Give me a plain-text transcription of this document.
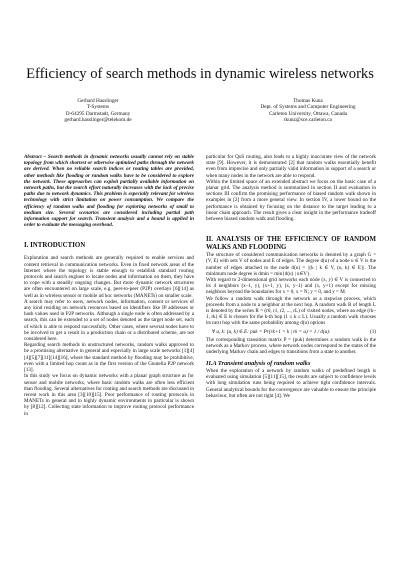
Efficiency of search methods in dynamic wireless networks
Gerhard Hasslinger
T-Systems
D-64295 Darmstadt, Germany
gerhard.hasslinger@telekom.de
Thomas Kunz
Dept. of Systems and Computer Engineering
Carleton University, Ottawa, Canada
tkunz@sce.carleton.ca

Abstract – Search methods in dynamic networks usually cannot rely on stable topology from which shortest or otherwise optimized paths through the network are derived. When no reliable search indices or routing tables are provided, other methods like flooding or random walks have to be considered to explore the network. These approaches can exploit partially available information on network paths, but the search effort naturally increases with the lack of precise paths due to network dynamics. This problem is especially relevant for wireless technology with strict limitation on power consumption. We compare the efficiency of random walks and flooding for exploring networks of small to medium size. Several scenarios are considered including partial path information support for search. Transient analysis and a bound is applied in order to evaluate the messaging overhead.

I. INTRODUCTION

Exploration and search methods are generally required to enable services and content retrieval in communication networks. Even in fixed network areas of the Internet where the topology is stable enough to establish standard routing protocols and search engines to locate nodes and information on them, they have to cope with a steadily ongoing changes. But more dynamic network structures are often encountered on large scale, e.g. peer-to-peer (P2P) overlays [6][14] as well as in wireless sensor or mobile ad hoc networks (MANETs) on smaller scale.

A search may refer to users, network nodes, information, content or services of any kind residing on network resources based on identifiers like IP addresses or hash values used in P2P networks. Although a single node is often addressed by a search, this can be extended to a set of nodes denoted as the target node set, each of which is able to respond successfully. Other cases, where several nodes have to be involved to get a result in a production chain or a distributed scheme, are not considered here.

Regarding search methods in unstructured networks, random walks approved to be a promising alternative in general and especially in large scale networks [1][4][4][5][7][11][14][16], where the standard method by flooding may be prohibitive, even with a limited hop count as in the first version of the Gnutella P2P network [13].

In this study we focus on dynamic networks with a planar graph structure as for sensor and mobile networks, where basic random walks are often less efficient than flooding. Several alternatives for routing and search methods are discussed in recent work in this area [3][10][15]. Poor performance of routing protocols in MANETs in general and in highly dynamic environments in particular is shown by [8][12]. Collecting state information to improve routing protocol performance in

particular for QoS routing, also leads to a highly inaccurate view of the network state [9]. However, it is demonstrated [2] that random walks essentially benefit even from imprecise and only partially valid information in support of a search or when many nodes in the network are able to respond.

Within the limited space of an extended abstract we focus on the basic case of a planar grid. The analysis method is summarized in section II and evaluation in sections III confirm the promising performance of biased random walk shown in examples in [2] from a more general view. In section IV, a lower bound on the performance is obtained by focusing on the distance to the target leading to a linear chain approach. The result gives a clear insight in the performance tradeoff between biased random walk and flooding.

II. ANALYSIS OF THE EFFICIENCY OF RANDOM WALKS AND FLOODING

The structure of considered communication networks is denoted by a graph G = (V, E) with sets V of nodes and E of edges. The degree d(u) of a node u ∈ V is the number of edges attached to the node d(u) = |{k | k ∈ V, (u, k) ∈ E}|. The minimum node degree is dmin = min{d(u) | u∈V}.

With regard to 2-dimensional grid networks each node (x, y) ∈ V is connected to its 4 neighbors (x–1, y), (x+1, y), (x, y–1) and (x, y+1) except for missing neighbors beyond the boundaries for x = 0, x = N; y = 0, and y = M.

We follow a random walk through the network as a stepwise process, which proceeds from a node to a neighbor at the next hop. A random walk R of length L is denoted by the series R = (r0, r1, r2, ..., rL) of visited nodes, where an edge (rk–1, rk) ∈ E is chosen for the k-th hop (1 ≤ k ≤ L). Usually a random walk chooses its next hop with the same probability among d(u) options

∀ u, k: (u, k) ∈ E: puk = Pr(rk+1 = k | rk = u) = 1 / d(u).	(1)

The corresponding transition matrix P = (puk) determines a random walk in the network as a Markov process, where network nodes correspond to the states of the underlying Markov chain and edges to transitions from a state to another.

II.A Transient analysis of random walks

When the exploration of a network by random walks of predefined length is evaluated using simulation [5][11][15], the results are subject to confidence levels with long simulation runs being required to achieve tight confidence intervals. General analytical bounds for the convergence are valuable to ensure the principle behaviour, but often are not tight [4]. We
